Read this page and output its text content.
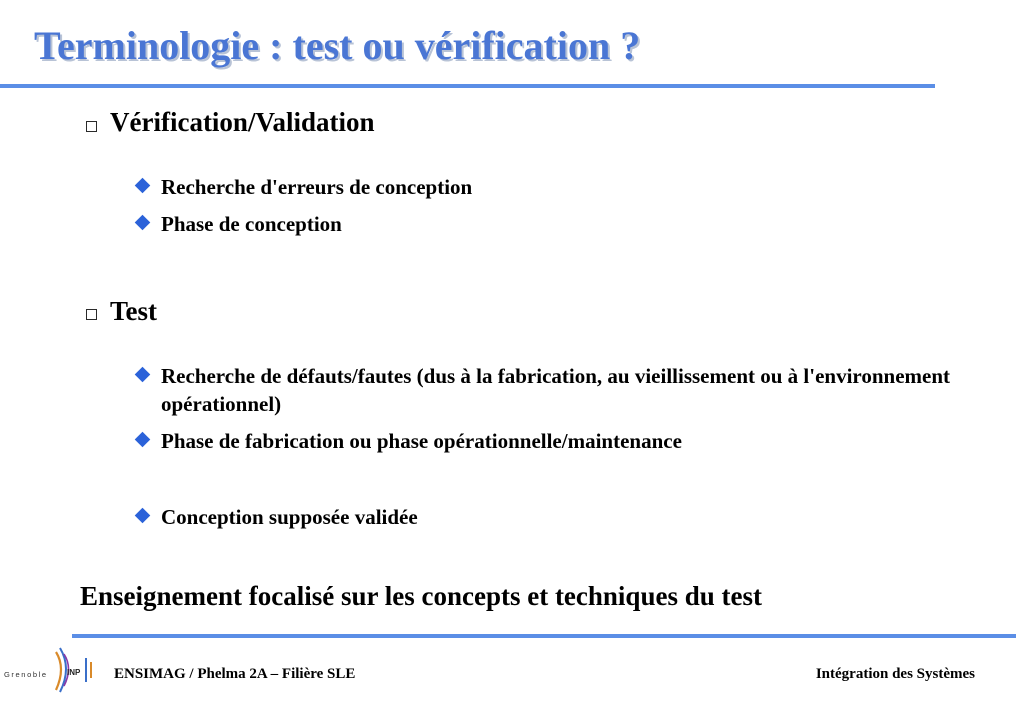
Terminologie : test ou vérification ?
Vérification/Validation
Recherche d'erreurs de conception
Phase de conception
Test
Recherche de défauts/fautes (dus à la fabrication, au vieillissement ou à l'environnement opérationnel)
Phase de fabrication ou phase opérationnelle/maintenance
Conception supposée validée
Enseignement focalisé sur les concepts et techniques du test
Grenoble INP ENSIMAG / Phelma 2A – Filière SLE	Intégration des Systèmes
